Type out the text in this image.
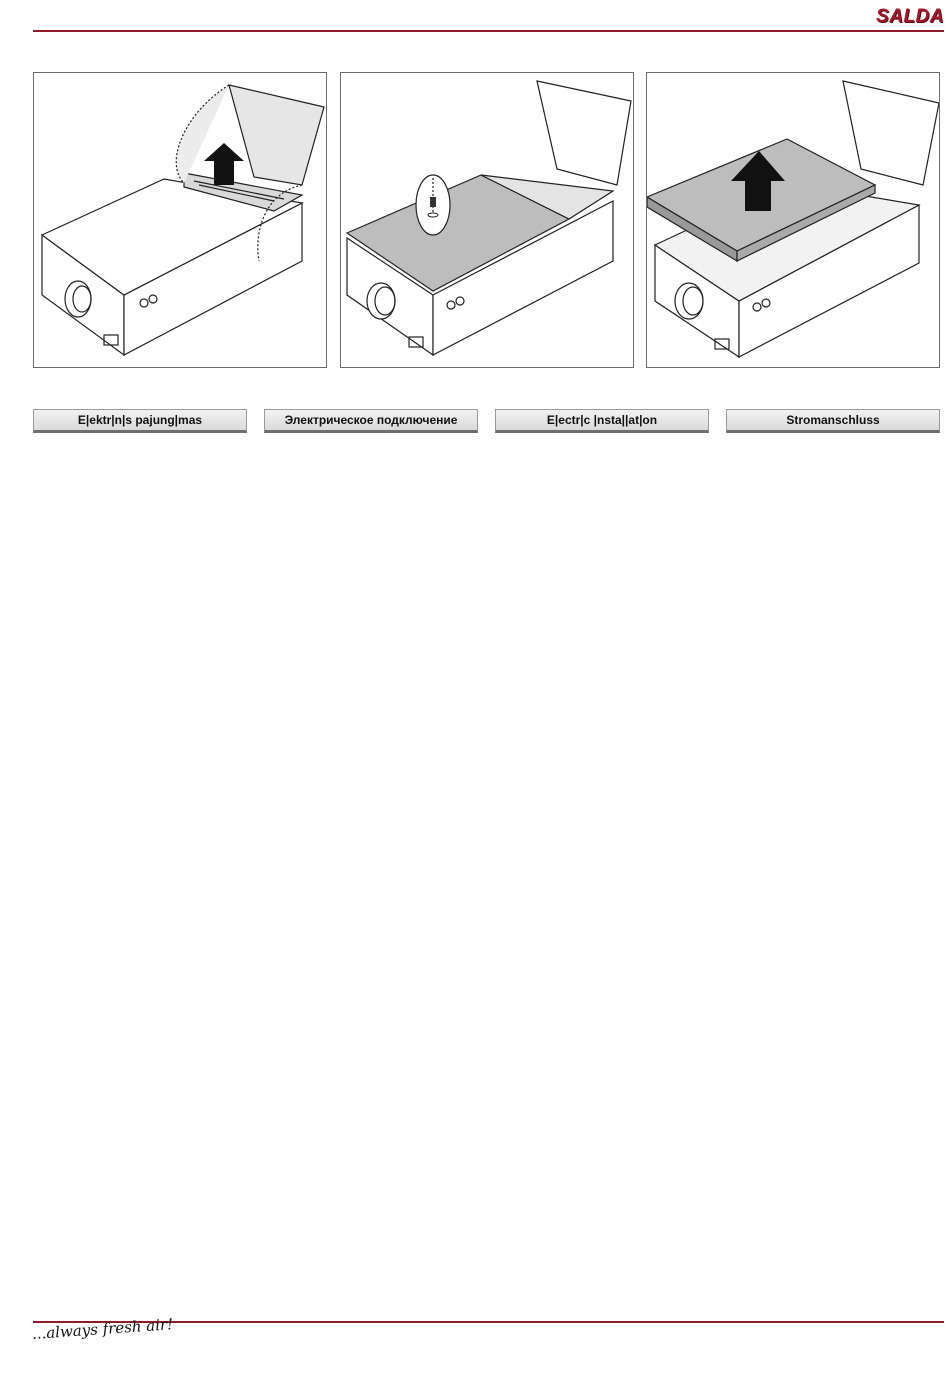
SALDA
E|ektr|n|s pajung|mas	Электрическое подключение	E|ectr|c |nsta||at|on	Stromanschluss
...always fresh air!
